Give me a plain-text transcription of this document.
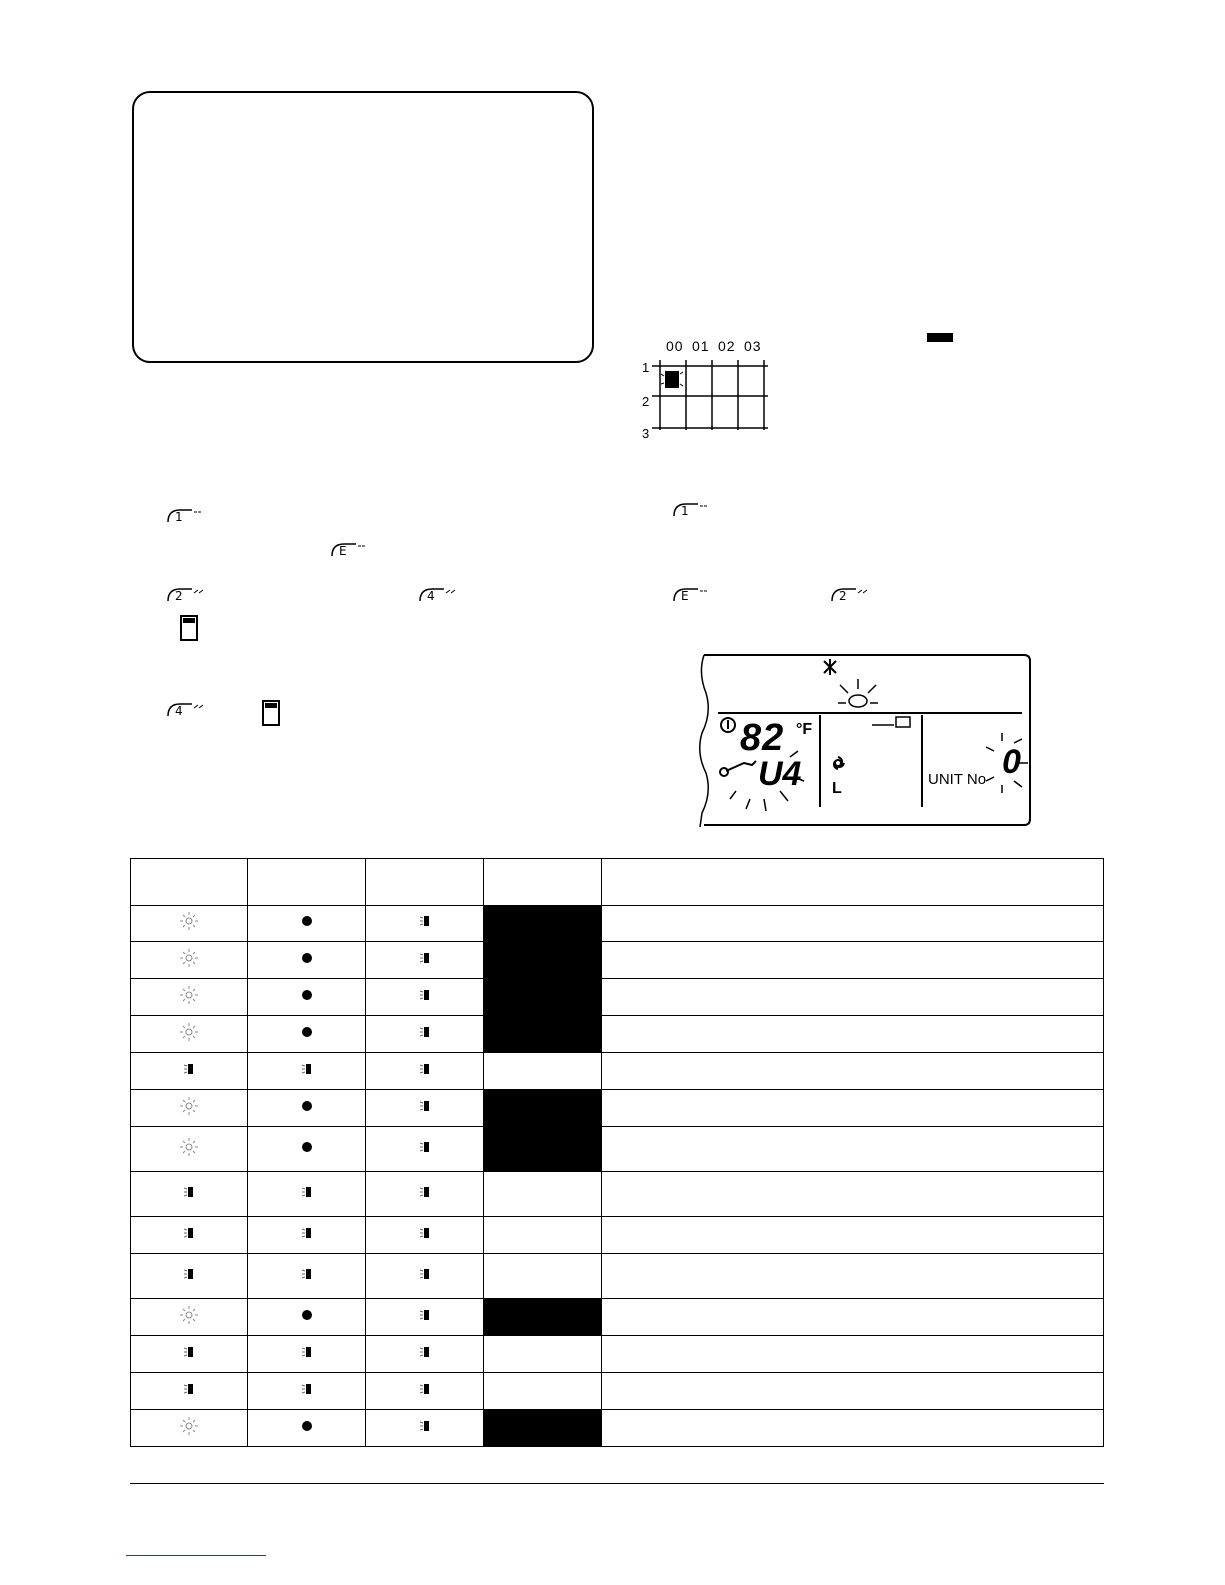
00 01 02 03
1
2
3
1
E
2	4
4
1
E	2
L
82 °F
U4	UNIT No 0
